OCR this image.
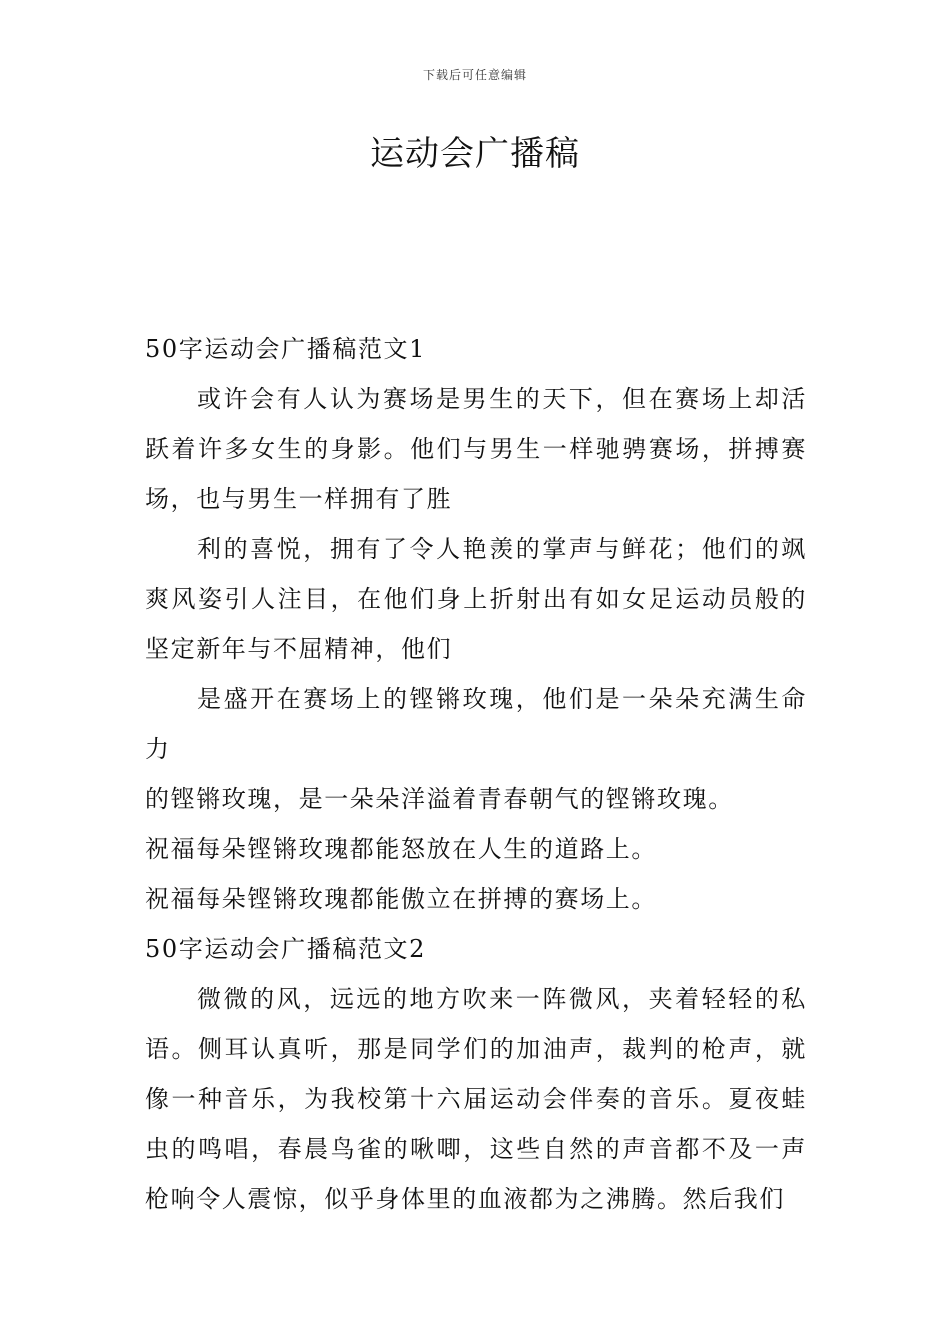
下载后可任意编辑
运动会广播稿

50字运动会广播稿范文1

或许会有人认为赛场是男生的天下，但在赛场上却活跃着许多女生的身影。他们与男生一样驰骋赛场，拼搏赛场，也与男生一样拥有了胜

利的喜悦，拥有了令人艳羡的掌声与鲜花；他们的飒爽风姿引人注目，在他们身上折射出有如女足运动员般的坚定新年与不屈精神，他们

是盛开在赛场上的铿锵玫瑰，他们是一朵朵充满生命力

的铿锵玫瑰，是一朵朵洋溢着青春朝气的铿锵玫瑰。

祝福每朵铿锵玫瑰都能怒放在人生的道路上。

祝福每朵铿锵玫瑰都能傲立在拼搏的赛场上。

50字运动会广播稿范文2

微微的风，远远的地方吹来一阵微风，夹着轻轻的私语。侧耳认真听，那是同学们的加油声，裁判的枪声，就像一种音乐，为我校第十六届运动会伴奏的音乐。夏夜蛙虫的鸣唱，春晨鸟雀的啾唧，这些自然的声音都不及一声枪响令人震惊，似乎身体里的血液都为之沸腾。然后我们
